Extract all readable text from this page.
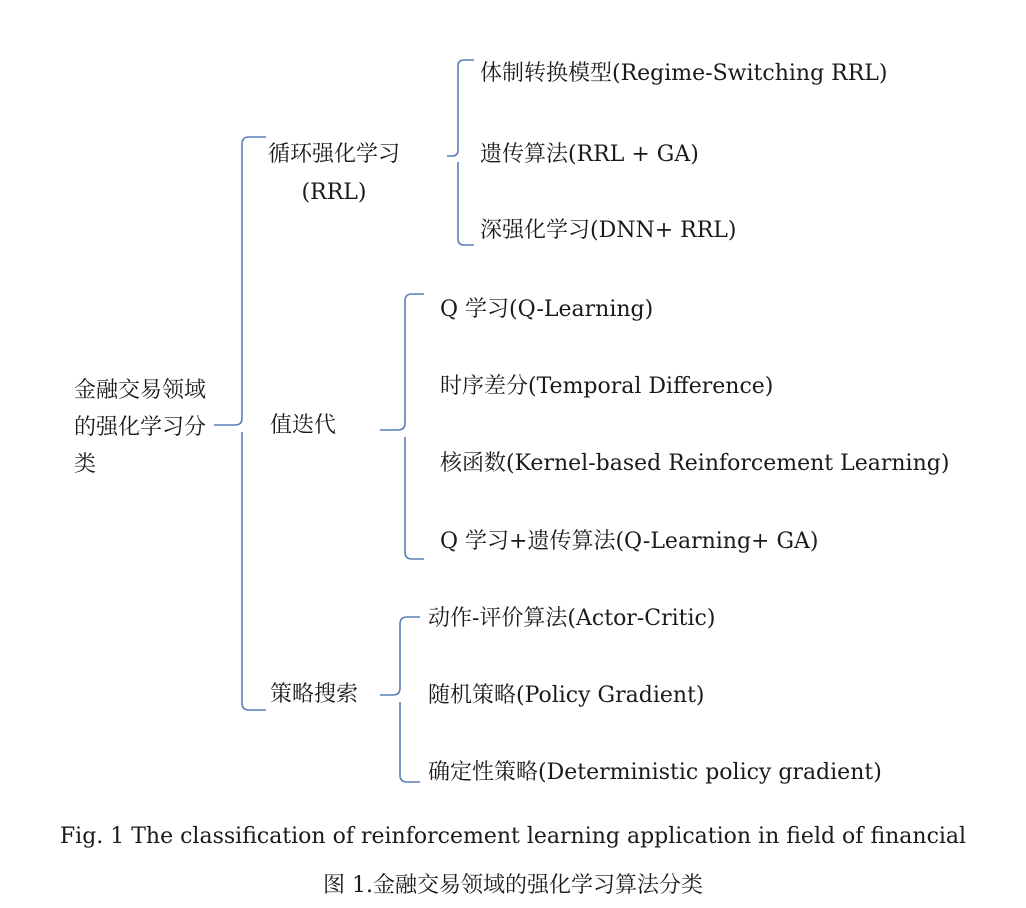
金融交易领域的强化学习分类
循环强化学习
(RRL)
体制转换模型(Regime-Switching RRL)
遗传算法(RRL + GA)
深强化学习(DNN+ RRL)
值迭代
Q 学习(Q-Learning)
时序差分(Temporal Difference)
核函数(Kernel-based Reinforcement Learning)
Q 学习+遗传算法(Q-Learning+ GA)
策略搜索
动作-评价算法(Actor-Critic)
随机策略(Policy Gradient)
确定性策略(Deterministic policy gradient)
Fig. 1 The classification of reinforcement learning application in field of financial
图 1.金融交易领域的强化学习算法分类
